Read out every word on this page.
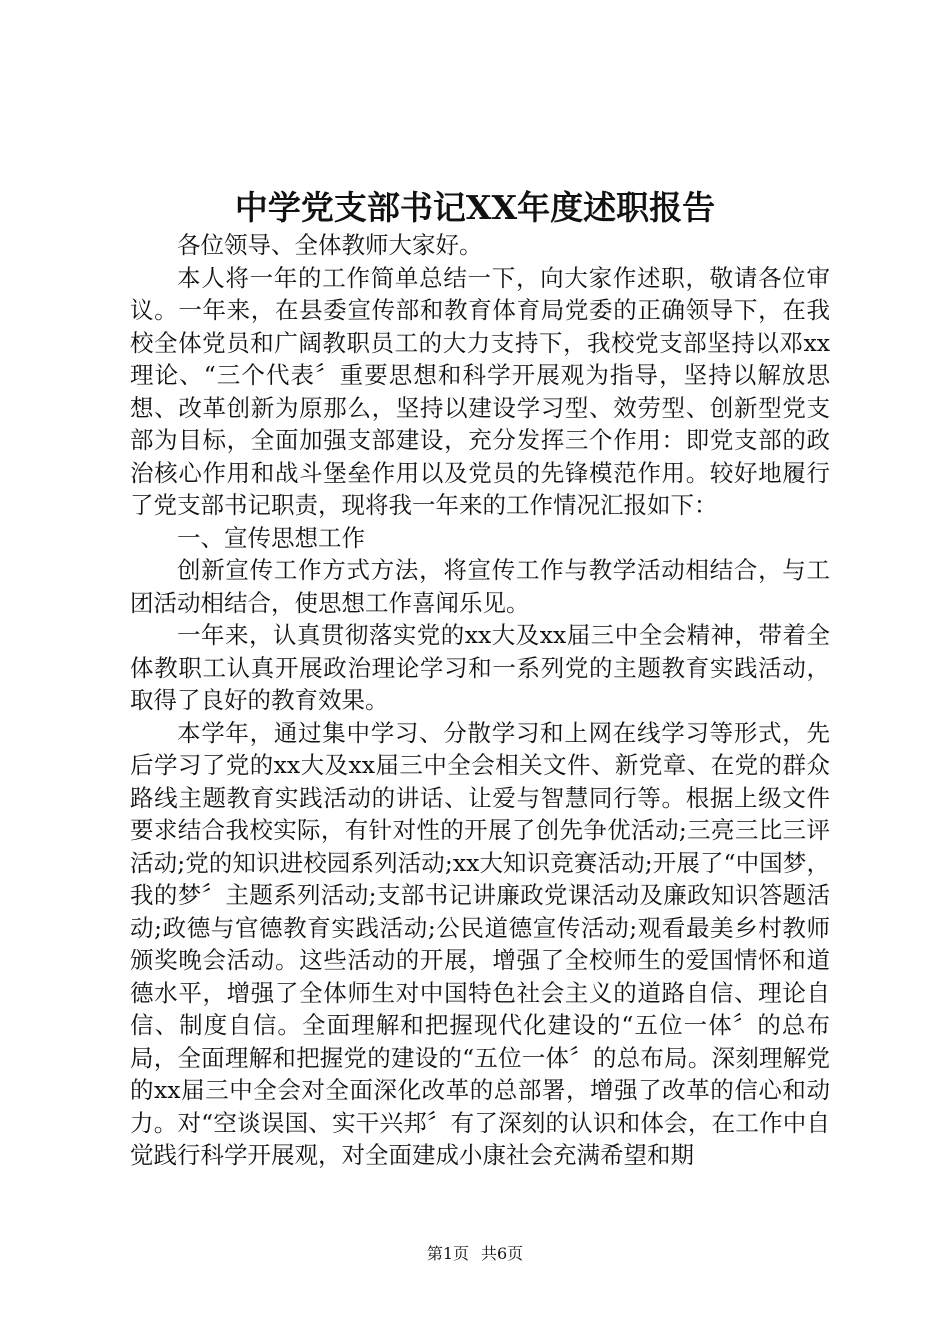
中学党支部书记XX年度述职报告

各位领导、全体教师大家好。

本人将一年的工作简单总结一下，向大家作述职，敬请各位审议。一年来，在县委宣传部和教育体育局党委的正确领导下，在我校全体党员和广阔教职员工的大力支持下，我校党支部坚持以邓xx理论、“三个代表〞重要思想和科学开展观为指导，坚持以解放思想、改革创新为原那么，坚持以建设学习型、效劳型、创新型党支部为目标，全面加强支部建设，充分发挥三个作用：即党支部的政治核心作用和战斗堡垒作用以及党员的先锋模范作用。较好地履行了党支部书记职责，现将我一年来的工作情况汇报如下：

一、宣传思想工作

创新宣传工作方式方法，将宣传工作与教学活动相结合，与工团活动相结合，使思想工作喜闻乐见。

一年来，认真贯彻落实党的xx大及xx届三中全会精神，带着全体教职工认真开展政治理论学习和一系列党的主题教育实践活动，取得了良好的教育效果。

本学年，通过集中学习、分散学习和上网在线学习等形式，先后学习了党的xx大及xx届三中全会相关文件、新党章、在党的群众路线主题教育实践活动的讲话、让爱与智慧同行等。根据上级文件要求结合我校实际，有针对性的开展了创先争优活动;三亮三比三评活动;党的知识进校园系列活动;xx大知识竞赛活动;开展了“中国梦，我的梦〞主题系列活动;支部书记讲廉政党课活动及廉政知识答题活动;政德与官德教育实践活动;公民道德宣传活动;观看最美乡村教师颁奖晚会活动。这些活动的开展，增强了全校师生的爱国情怀和道德水平，增强了全体师生对中国特色社会主义的道路自信、理论自信、制度自信。全面理解和把握现代化建设的“五位一体〞的总布局，全面理解和把握党的建设的“五位一体〞的总布局。深刻理解党的xx届三中全会对全面深化改革的总部署，增强了改革的信心和动力。对“空谈误国、实干兴邦〞有了深刻的认识和体会，在工作中自觉践行科学开展观，对全面建成小康社会充满希望和期

第1页 共6页
